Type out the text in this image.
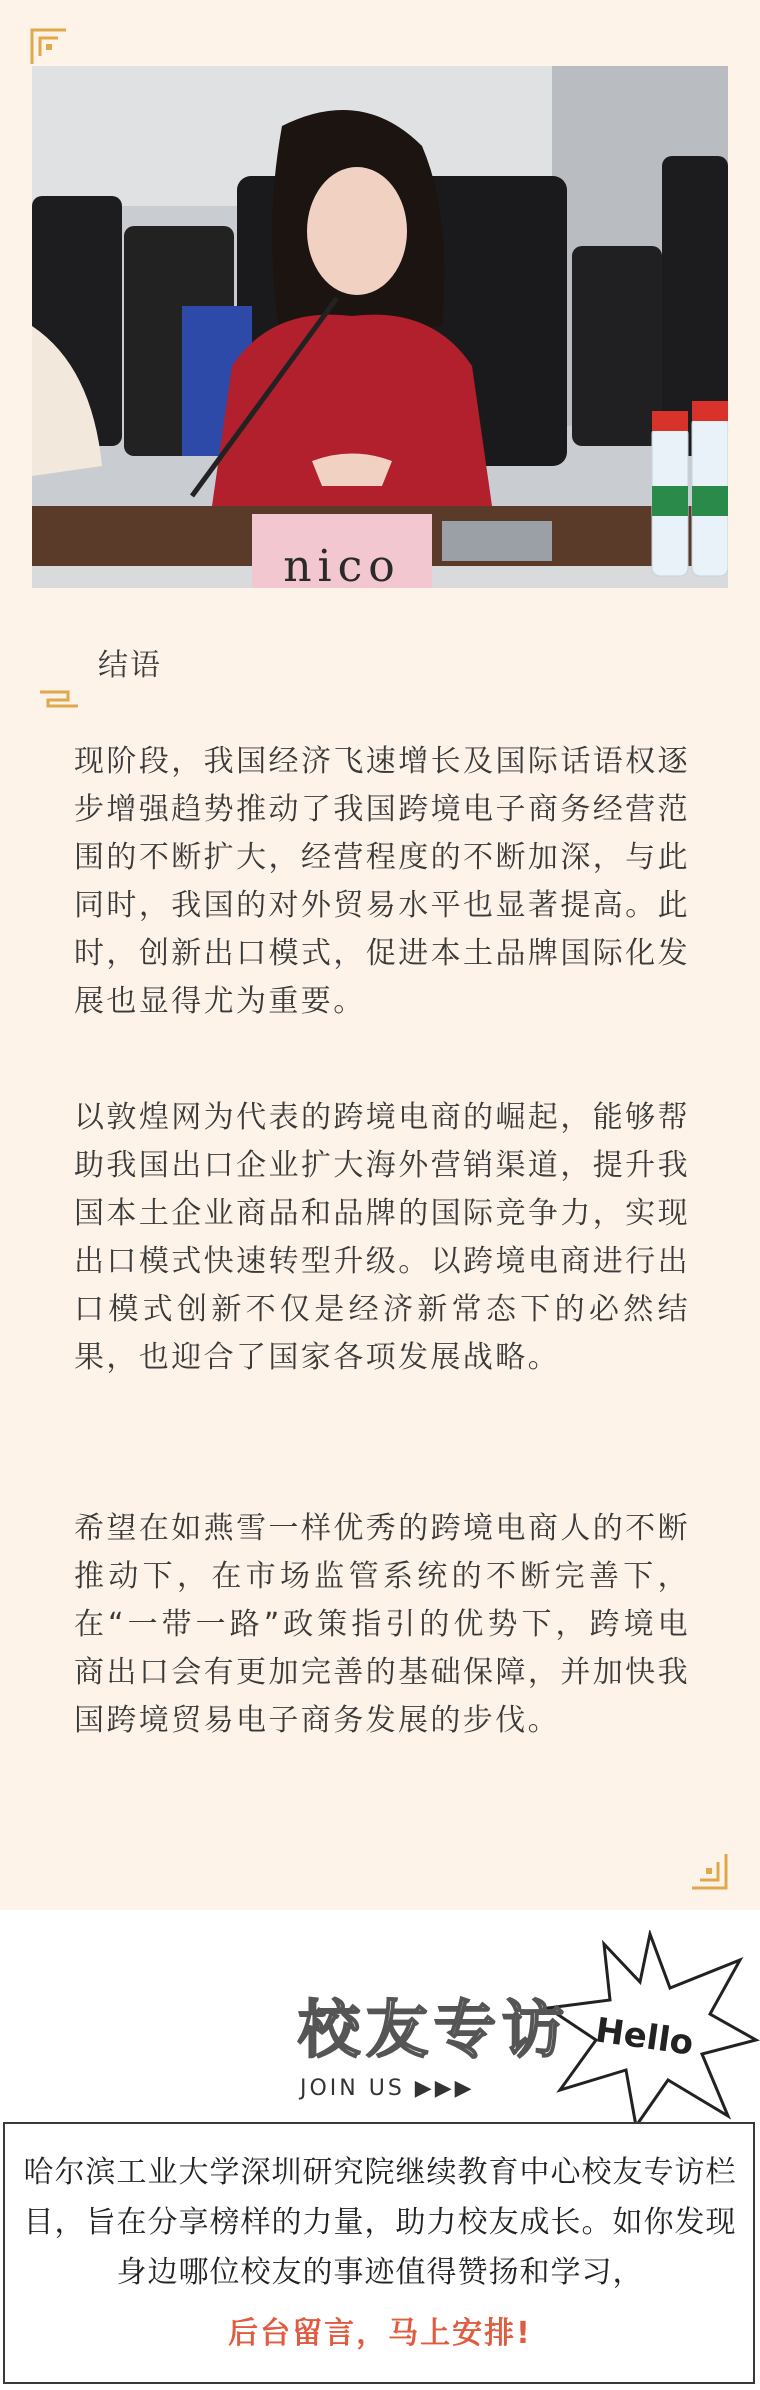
nico
结语

现阶段，我国经济飞速增长及国际话语权逐步增强趋势推动了我国跨境电子商务经营范围的不断扩大，经营程度的不断加深，与此同时，我国的对外贸易水平也显著提高。此时，创新出口模式，促进本土品牌国际化发展也显得尤为重要。

以敦煌网为代表的跨境电商的崛起，能够帮助我国出口企业扩大海外营销渠道，提升我国本土企业商品和品牌的国际竞争力，实现出口模式快速转型升级。以跨境电商进行出口模式创新不仅是经济新常态下的必然结果，也迎合了国家各项发展战略。

希望在如燕雪一样优秀的跨境电商人的不断推动下，在市场监管系统的不断完善下，在“一带一路”政策指引的优势下，跨境电商出口会有更加完善的基础保障，并加快我国跨境贸易电子商务发展的步伐。

Hello
校友专访
JOIN US ▶▶▶

哈尔滨工业大学深圳研究院继续教育中心校友专访栏目，旨在分享榜样的力量，助力校友成长。如你发现身边哪位校友的事迹值得赞扬和学习，

后台留言，马上安排!
